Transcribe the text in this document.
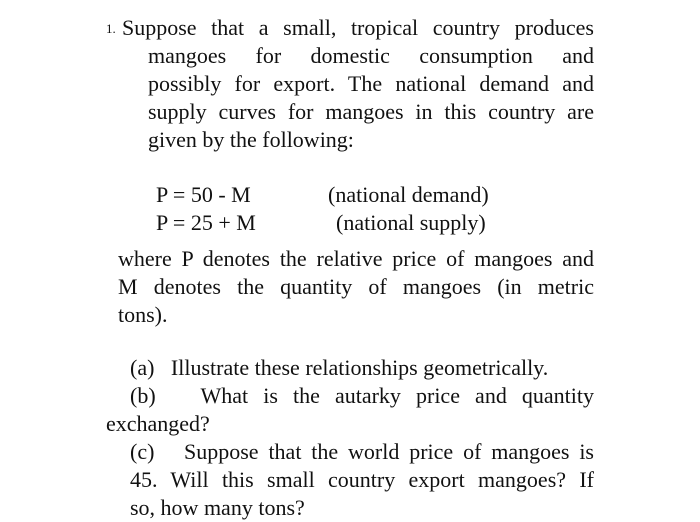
1. Suppose that a small, tropical country produces
mangoes for domestic consumption and
possibly for export. The national demand and
supply curves for mangoes in this country are
given by the following:
P = 50 - M	(national demand)
P = 25 + M	(national supply)
where P denotes the relative price of mangoes and
M denotes the quantity of mangoes (in metric
tons).
(a)   Illustrate these relationships geometrically.
(b)   What is the autarky price and quantity
exchanged?
(c)   Suppose that the world price of mangoes is
45. Will this small country export mangoes? If
so, how many tons?
